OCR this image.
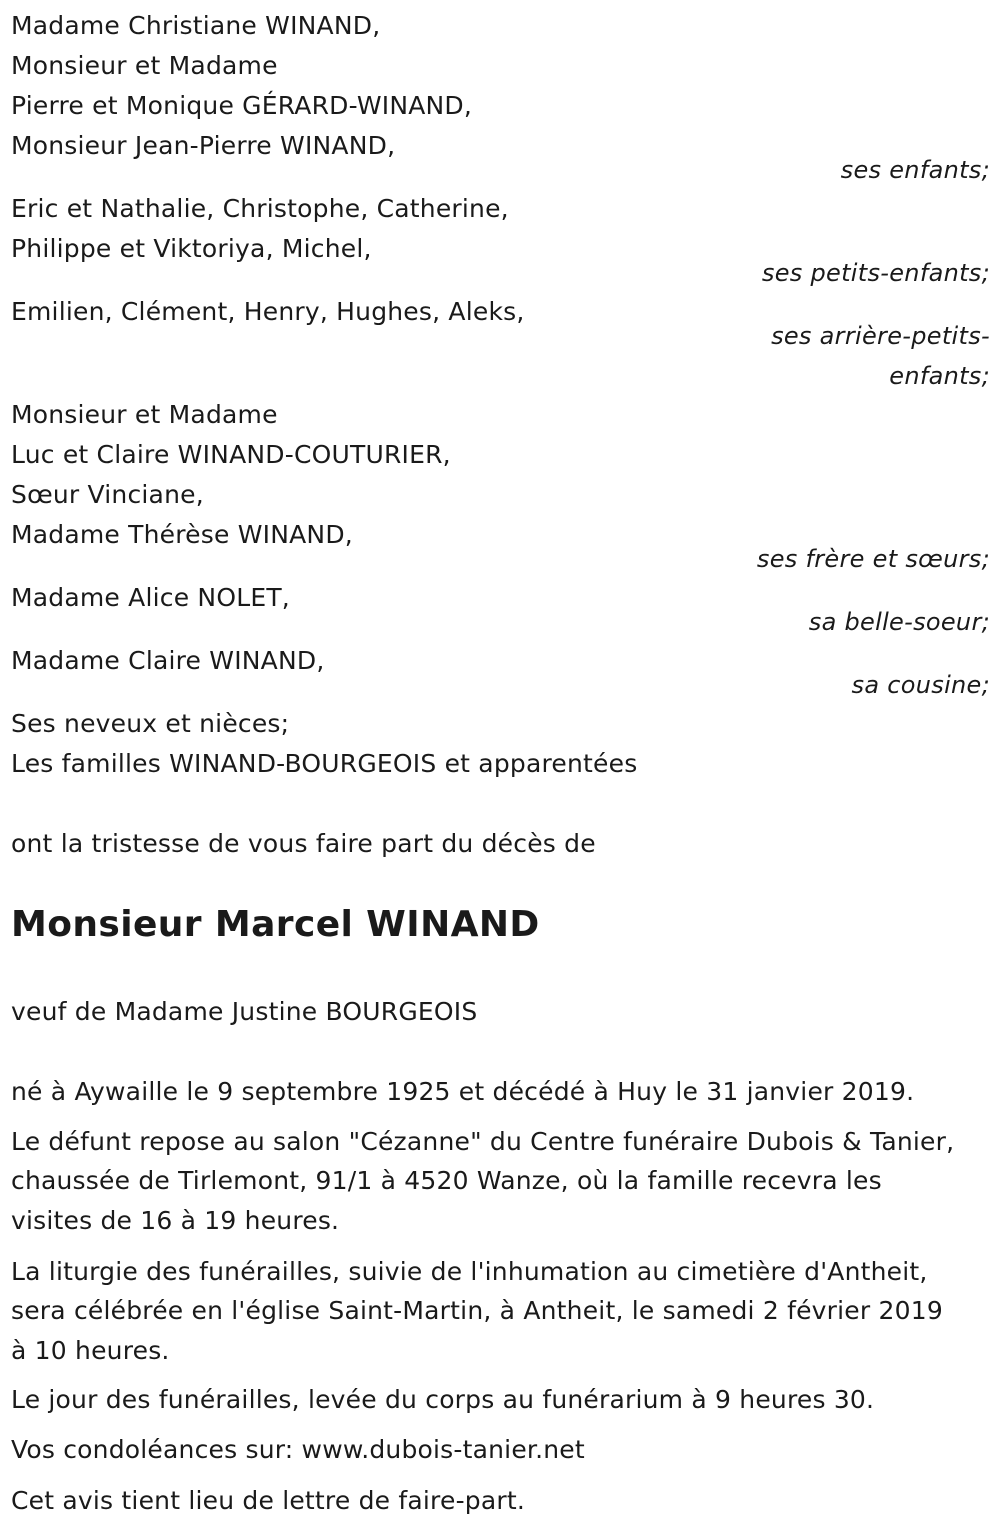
Madame Christiane WINAND,
Monsieur et Madame
Pierre et Monique GÉRARD-WINAND,
Monsieur Jean-Pierre WINAND,
ses enfants;
Eric et Nathalie, Christophe, Catherine,
Philippe et Viktoriya, Michel,
ses petits-enfants;
Emilien, Clément, Henry, Hughes, Aleks,
ses arrière-petits-
enfants;
Monsieur et Madame
Luc et Claire WINAND-COUTURIER,
Sœur Vinciane,
Madame Thérèse WINAND,
ses frère et sœurs;
Madame Alice NOLET,
sa belle-soeur;
Madame Claire WINAND,
sa cousine;
Ses neveux et nièces;
Les familles WINAND-BOURGEOIS et apparentées
ont la tristesse de vous faire part du décès de
Monsieur Marcel WINAND
veuf de Madame Justine BOURGEOIS
né à Aywaille le 9 septembre 1925 et décédé à Huy le 31 janvier 2019.
Le défunt repose au salon "Cézanne" du Centre funéraire Dubois & Tanier,
chaussée de Tirlemont, 91/1 à 4520 Wanze, où la famille recevra les
visites de 16 à 19 heures.
La liturgie des funérailles, suivie de l'inhumation au cimetière d'Antheit,
sera célébrée en l'église Saint-Martin, à Antheit, le samedi 2 février 2019
à 10 heures.
Le jour des funérailles, levée du corps au funérarium à 9 heures 30.
Vos condoléances sur: www.dubois-tanier.net
Cet avis tient lieu de lettre de faire-part.
